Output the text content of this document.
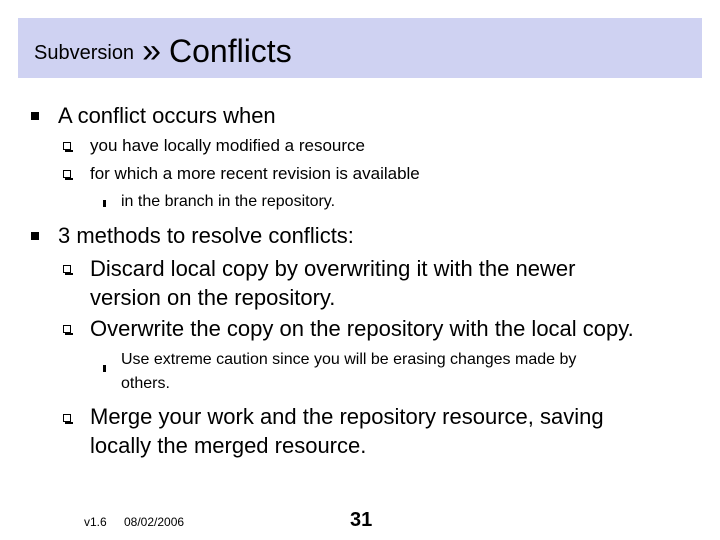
Subversion » Conflicts
A conflict occurs when
you have locally modified a resource
for which a more recent revision is available
in the branch in the repository.
3 methods to resolve conflicts:
Discard local copy by overwriting it with the newer
version on the repository.
Overwrite the copy on the repository with the local copy.
Use extreme caution since you will be erasing changes made by
others.
Merge your work and the repository resource, saving
locally the merged resource.
v1.6 08/02/2006	31
